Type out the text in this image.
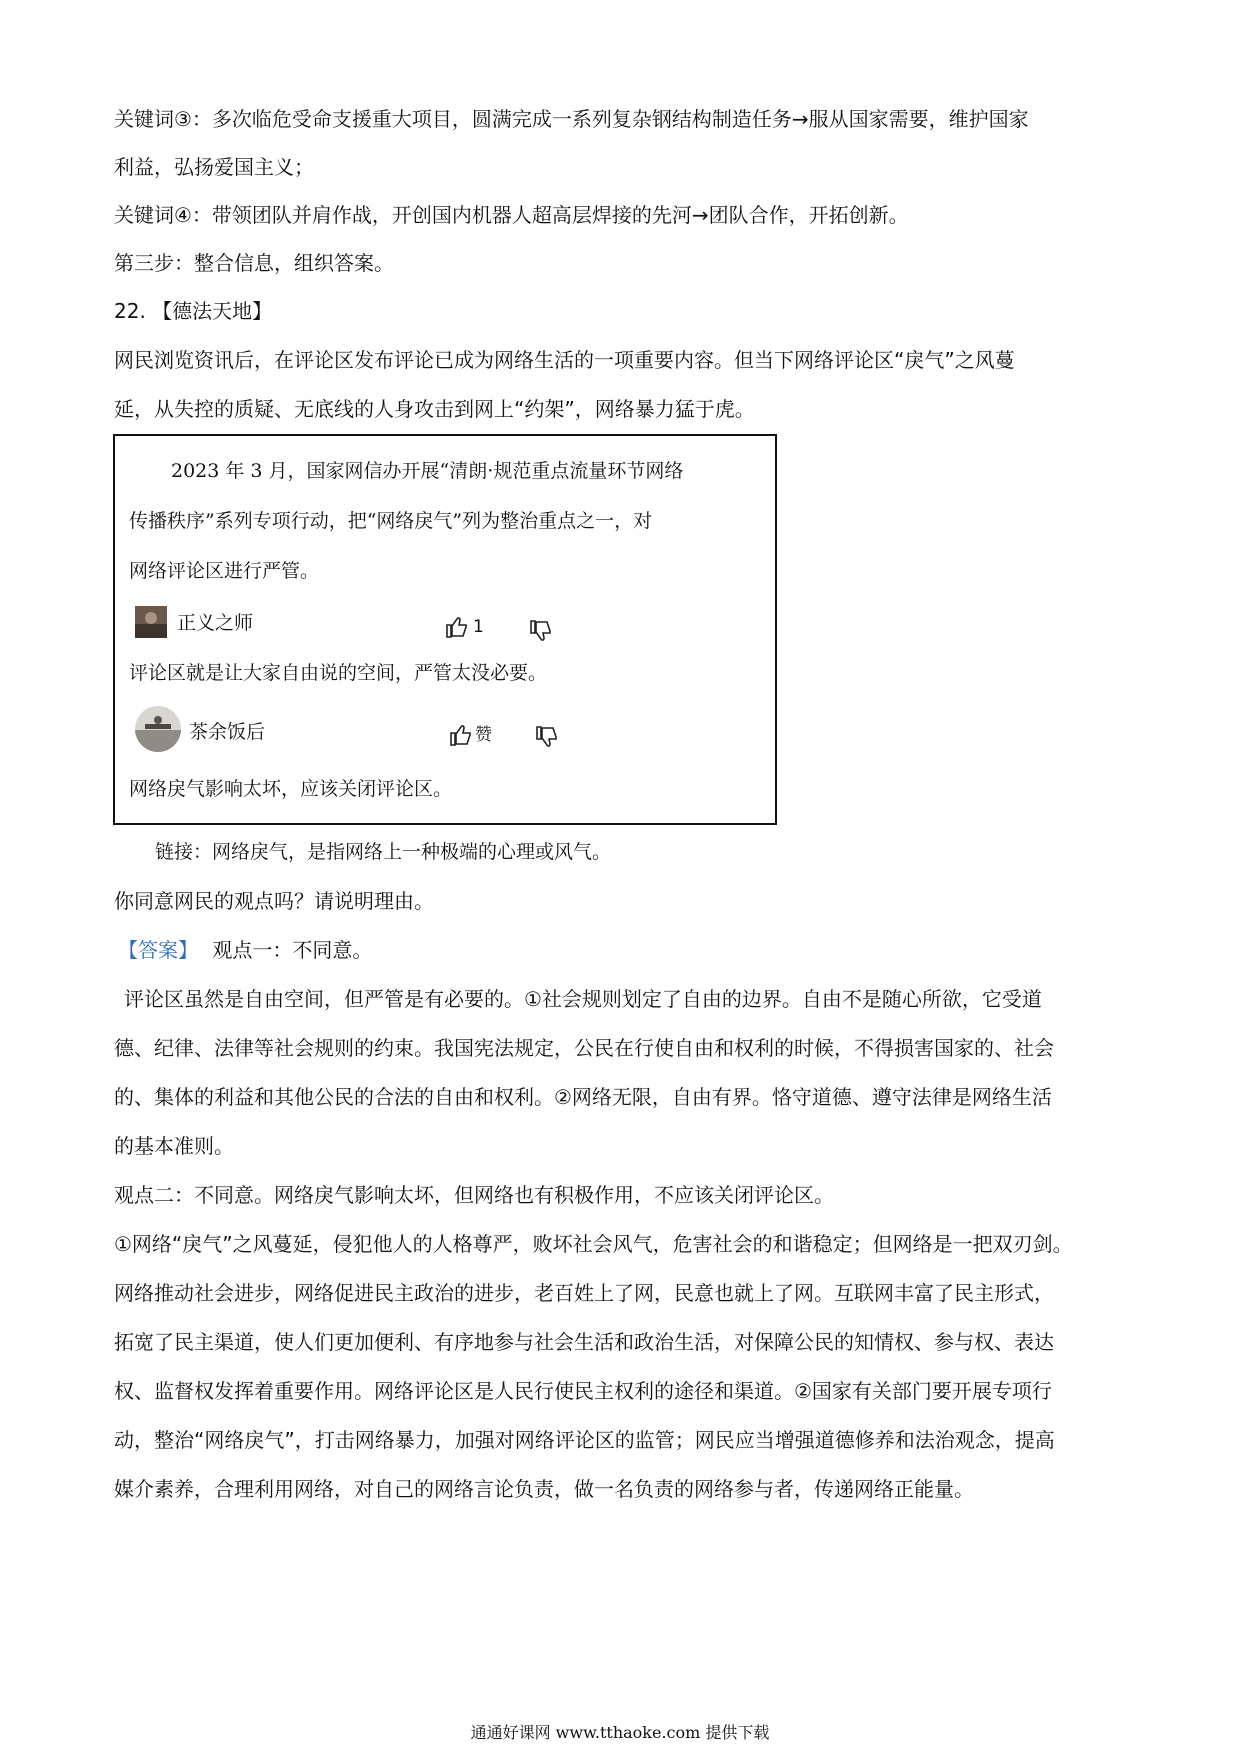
关键词③：多次临危受命支援重大项目，圆满完成一系列复杂钢结构制造任务→服从国家需要，维护国家

利益，弘扬爱国主义；

关键词④：带领团队并肩作战，开创国内机器人超高层焊接的先河→团队合作，开拓创新。

第三步：整合信息，组织答案。

22. 【德法天地】

网民浏览资讯后，在评论区发布评论已成为网络生活的一项重要内容。但当下网络评论区“戾气”之风蔓

延，从失控的质疑、无底线的人身攻击到网上“约架”，网络暴力猛于虎。

2023 年 3 月，国家网信办开展“清朗·规范重点流量环节网络

传播秩序”系列专项行动，把“网络戾气”列为整治重点之一，对

网络评论区进行严管。

正义之师	1

评论区就是让大家自由说的空间，严管太没必要。

茶余饭后	赞

网络戾气影响太坏，应该关闭评论区。

链接：网络戾气，是指网络上一种极端的心理或风气。

你同意网民的观点吗？请说明理由。

【答案】 观点一：不同意。

评论区虽然是自由空间，但严管是有必要的。①社会规则划定了自由的边界。自由不是随心所欲，它受道

德、纪律、法律等社会规则的约束。我国宪法规定，公民在行使自由和权利的时候，不得损害国家的、社会

的、集体的利益和其他公民的合法的自由和权利。②网络无限，自由有界。恪守道德、遵守法律是网络生活

的基本准则。

观点二：不同意。网络戾气影响太坏，但网络也有积极作用，不应该关闭评论区。

①网络“戾气”之风蔓延，侵犯他人的人格尊严，败坏社会风气，危害社会的和谐稳定；但网络是一把双刃剑。

网络推动社会进步，网络促进民主政治的进步，老百姓上了网，民意也就上了网。互联网丰富了民主形式，

拓宽了民主渠道，使人们更加便利、有序地参与社会生活和政治生活，对保障公民的知情权、参与权、表达

权、监督权发挥着重要作用。网络评论区是人民行使民主权利的途径和渠道。②国家有关部门要开展专项行

动，整治“网络戾气”，打击网络暴力，加强对网络评论区的监管；网民应当增强道德修养和法治观念，提高

媒介素养，合理利用网络，对自己的网络言论负责，做一名负责的网络参与者，传递网络正能量。

通通好课网 www.tthaoke.com 提供下载
